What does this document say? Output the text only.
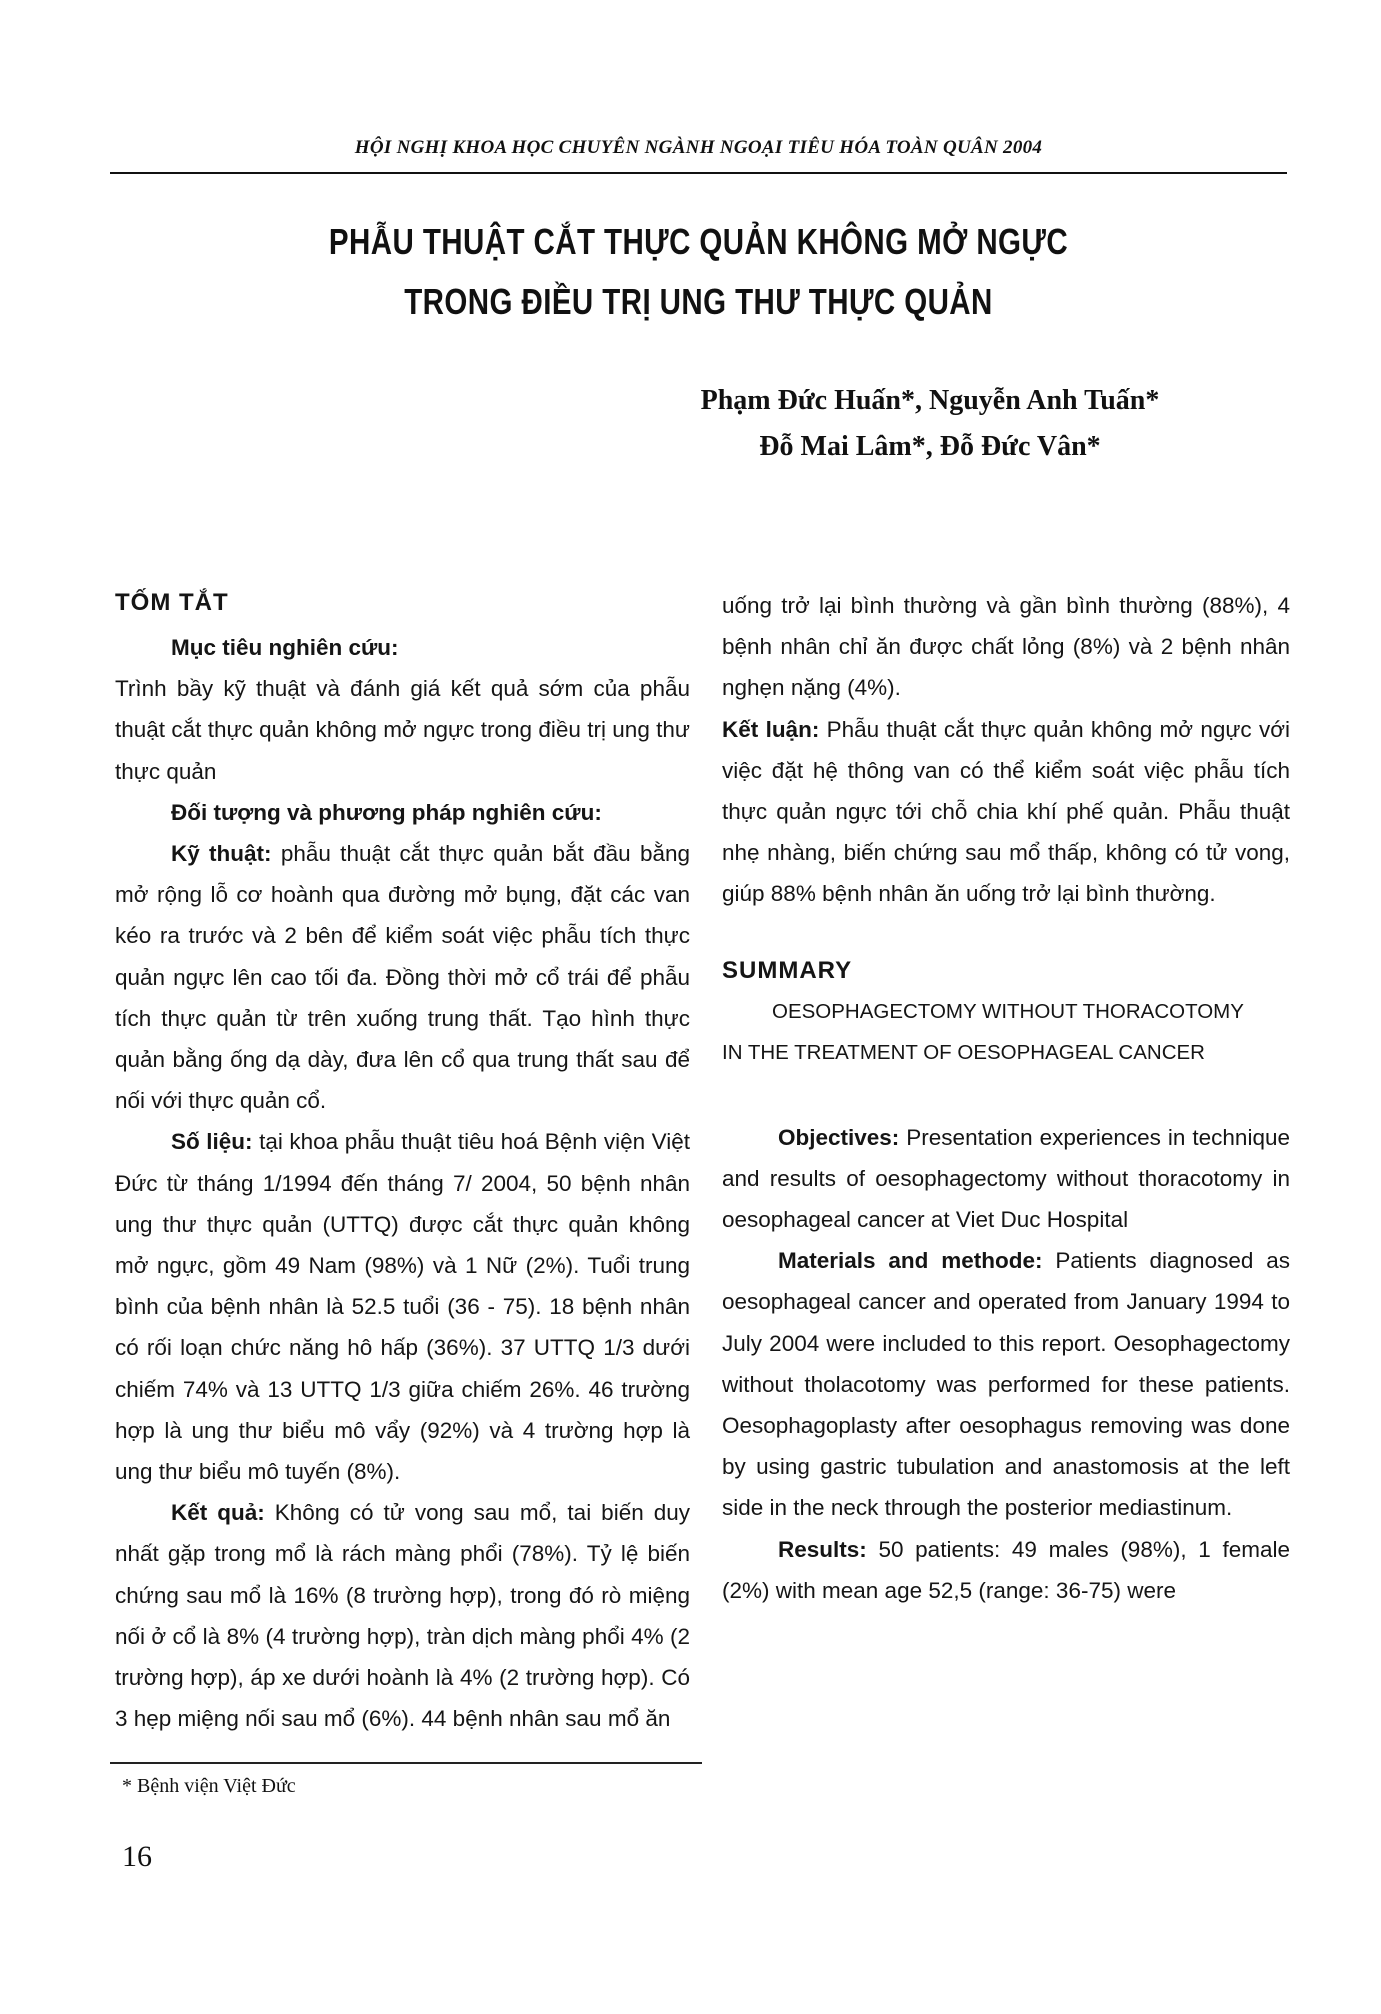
HỘI NGHỊ KHOA HỌC CHUYÊN NGÀNH NGOẠI TIÊU HÓA TOÀN QUÂN 2004
PHẪU THUẬT CẮT THỰC QUẢN KHÔNG MỞ NGỰC
TRONG ĐIỀU TRỊ UNG THƯ THỰC QUẢN
Phạm Đức Huấn*, Nguyễn Anh Tuấn*
Đỗ Mai Lâm*, Đỗ Đức Vân*
TỐM TẮT
Mục tiêu nghiên cứu:

Trình bầy kỹ thuật và đánh giá kết quả sớm của phẫu thuật cắt thực quản không mở ngực trong điều trị ung thư thực quản

Đối tượng và phương pháp nghiên cứu:

Kỹ thuật: phẫu thuật cắt thực quản bắt đầu bằng mở rộng lỗ cơ hoành qua đường mở bụng, đặt các van kéo ra trước và 2 bên để kiểm soát việc phẫu tích thực quản ngực lên cao tối đa. Đồng thời mở cổ trái để phẫu tích thực quản từ trên xuống trung thất. Tạo hình thực quản bằng ống dạ dày, đưa lên cổ qua trung thất sau để nối với thực quản cổ.

Số liệu: tại khoa phẫu thuật tiêu hoá Bệnh viện Việt Đức từ tháng 1/1994 đến tháng 7/ 2004, 50 bệnh nhân ung thư thực quản (UTTQ) được cắt thực quản không mở ngực, gồm 49 Nam (98%) và 1 Nữ (2%). Tuổi trung bình của bệnh nhân là 52.5 tuổi (36 - 75). 18 bệnh nhân có rối loạn chức năng hô hấp (36%). 37 UTTQ 1/3 dưới chiếm 74% và 13 UTTQ 1/3 giữa chiếm 26%. 46 trường hợp là ung thư biểu mô vẩy (92%) và 4 trường hợp là ung thư biểu mô tuyến (8%).

Kết quả: Không có tử vong sau mổ, tai biến duy nhất gặp trong mổ là rách màng phổi (78%). Tỷ lệ biến chứng sau mổ là 16% (8 trường hợp), trong đó rò miệng nối ở cổ là 8% (4 trường hợp), tràn dịch màng phổi 4% (2 trường hợp), áp xe dưới hoành là 4% (2 trường hợp). Có 3 hẹp miệng nối sau mổ (6%). 44 bệnh nhân sau mổ ăn

uống trở lại bình thường và gần bình thường (88%), 4 bệnh nhân chỉ ăn được chất lỏng (8%) và 2 bệnh nhân nghẹn nặng (4%).

Kết luận: Phẫu thuật cắt thực quản không mở ngực với việc đặt hệ thông van có thể kiểm soát việc phẫu tích thực quản ngực tới chỗ chia khí phế quản. Phẫu thuật nhẹ nhàng, biến chứng sau mổ thấp, không có tử vong, giúp 88% bệnh nhân ăn uống trở lại bình thường.

SUMMARY
OESOPHAGECTOMY WITHOUT THORACOTOMY
IN THE TREATMENT OF OESOPHAGEAL CANCER

Objectives: Presentation experiences in technique and results of oesophagectomy without thoracotomy in oesophageal cancer at Viet Duc Hospital

Materials and methode: Patients diagnosed as oesophageal cancer and operated from January 1994 to July 2004 were included to this report. Oesophagectomy without tholacotomy was performed for these patients. Oesophagoplasty after oesophagus removing was done by using gastric tubulation and anastomosis at the left side in the neck through the posterior mediastinum.

Results: 50 patients: 49 males (98%), 1 female (2%) with mean age 52,5 (range: 36-75) were

* Bệnh viện Việt Đức
16
